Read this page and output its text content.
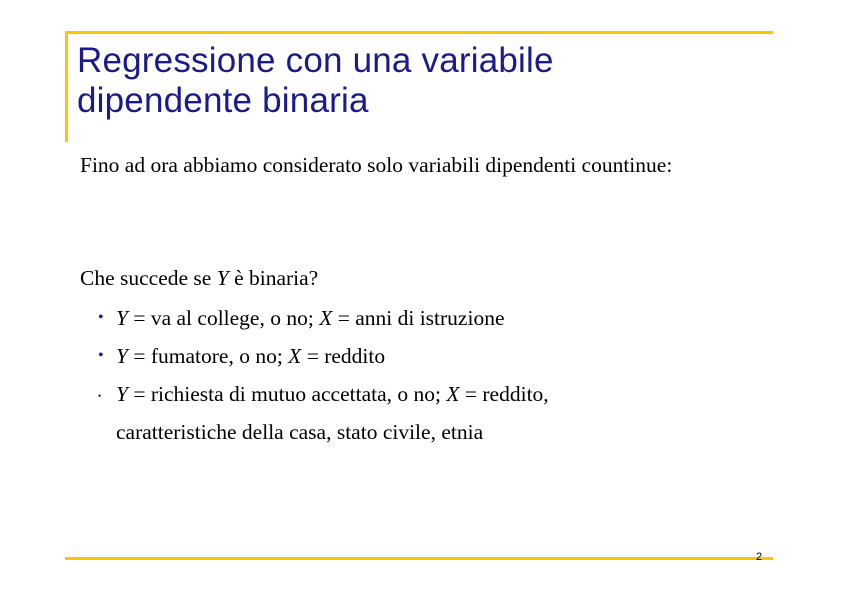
Regressione con una variabile
dipendente binaria

Fino ad ora abbiamo considerato solo variabili dipendenti countinue:

Che succede se Y è binaria?

• Y = va al college, o no; X = anni di istruzione
• Y = fumatore, o no; X = reddito
• Y = richiesta di mutuo accettata, o no; X = reddito,
caratteristiche della casa, stato civile, etnia
2
